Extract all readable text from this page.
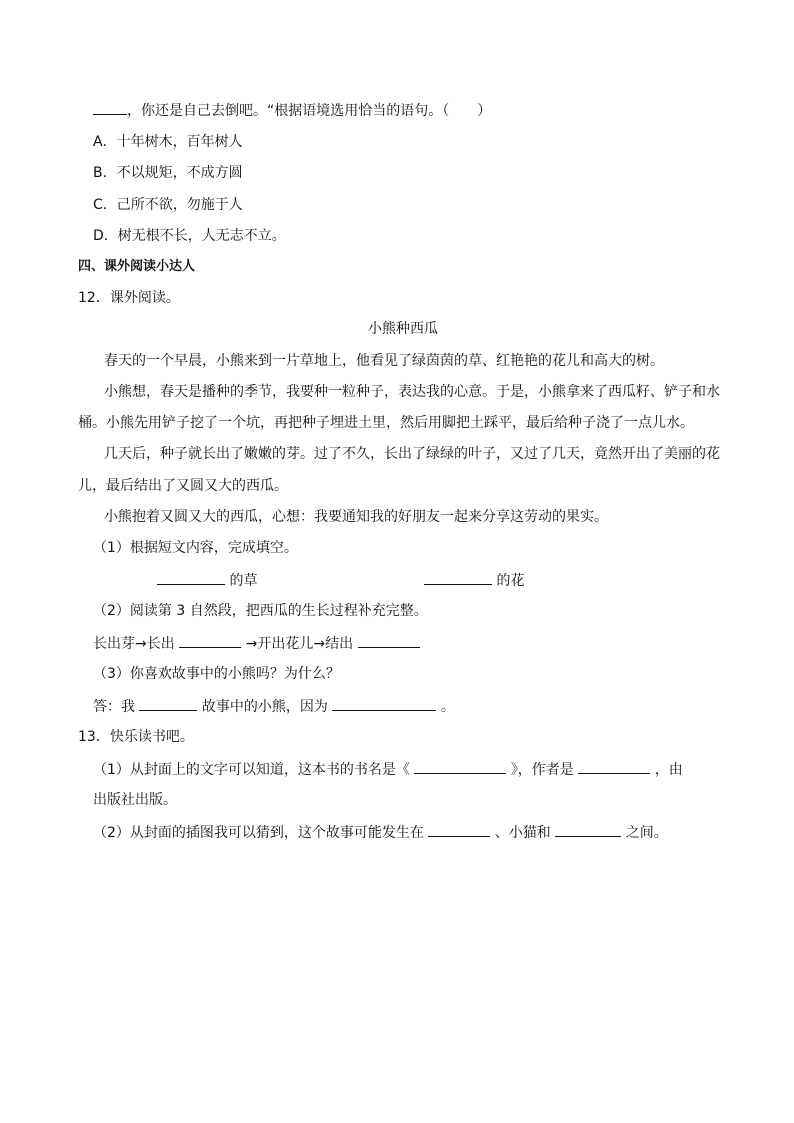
，你还是自己去倒吧。“根据语境选用恰当的语句。（　　）
A．十年树木，百年树人
B．不以规矩，不成方圆
C．己所不欲，勿施于人
D．树无根不长，人无志不立。
四、课外阅读小达人
12．课外阅读。
小熊种西瓜
春天的一个早晨，小熊来到一片草地上，他看见了绿茵茵的草、红艳艳的花儿和高大的树。
小熊想，春天是播种的季节，我要种一粒种子，表达我的心意。于是，小熊拿来了西瓜籽、铲子和水
桶。小熊先用铲子挖了一个坑，再把种子埋进土里，然后用脚把土踩平，最后给种子浇了一点儿水。
几天后，种子就长出了嫩嫩的芽。过了不久，长出了绿绿的叶子，又过了几天，竟然开出了美丽的花
儿，最后结出了又圆又大的西瓜。
小熊抱着又圆又大的西瓜，心想：我要通知我的好朋友一起来分享这劳动的果实。
（1）根据短文内容，完成填空。
的草	的花
（2）阅读第 3 自然段，把西瓜的生长过程补充完整。
长出芽→长出	→开出花儿→结出
（3）你喜欢故事中的小熊吗？为什么？
答：我	故事中的小熊，因为	。
13．快乐读书吧。
（1）从封面上的文字可以知道，这本书的书名是《	》，作者是	，由
出版社出版。
（2）从封面的插图我可以猜到，这个故事可能发生在	、小猫和	之间。
